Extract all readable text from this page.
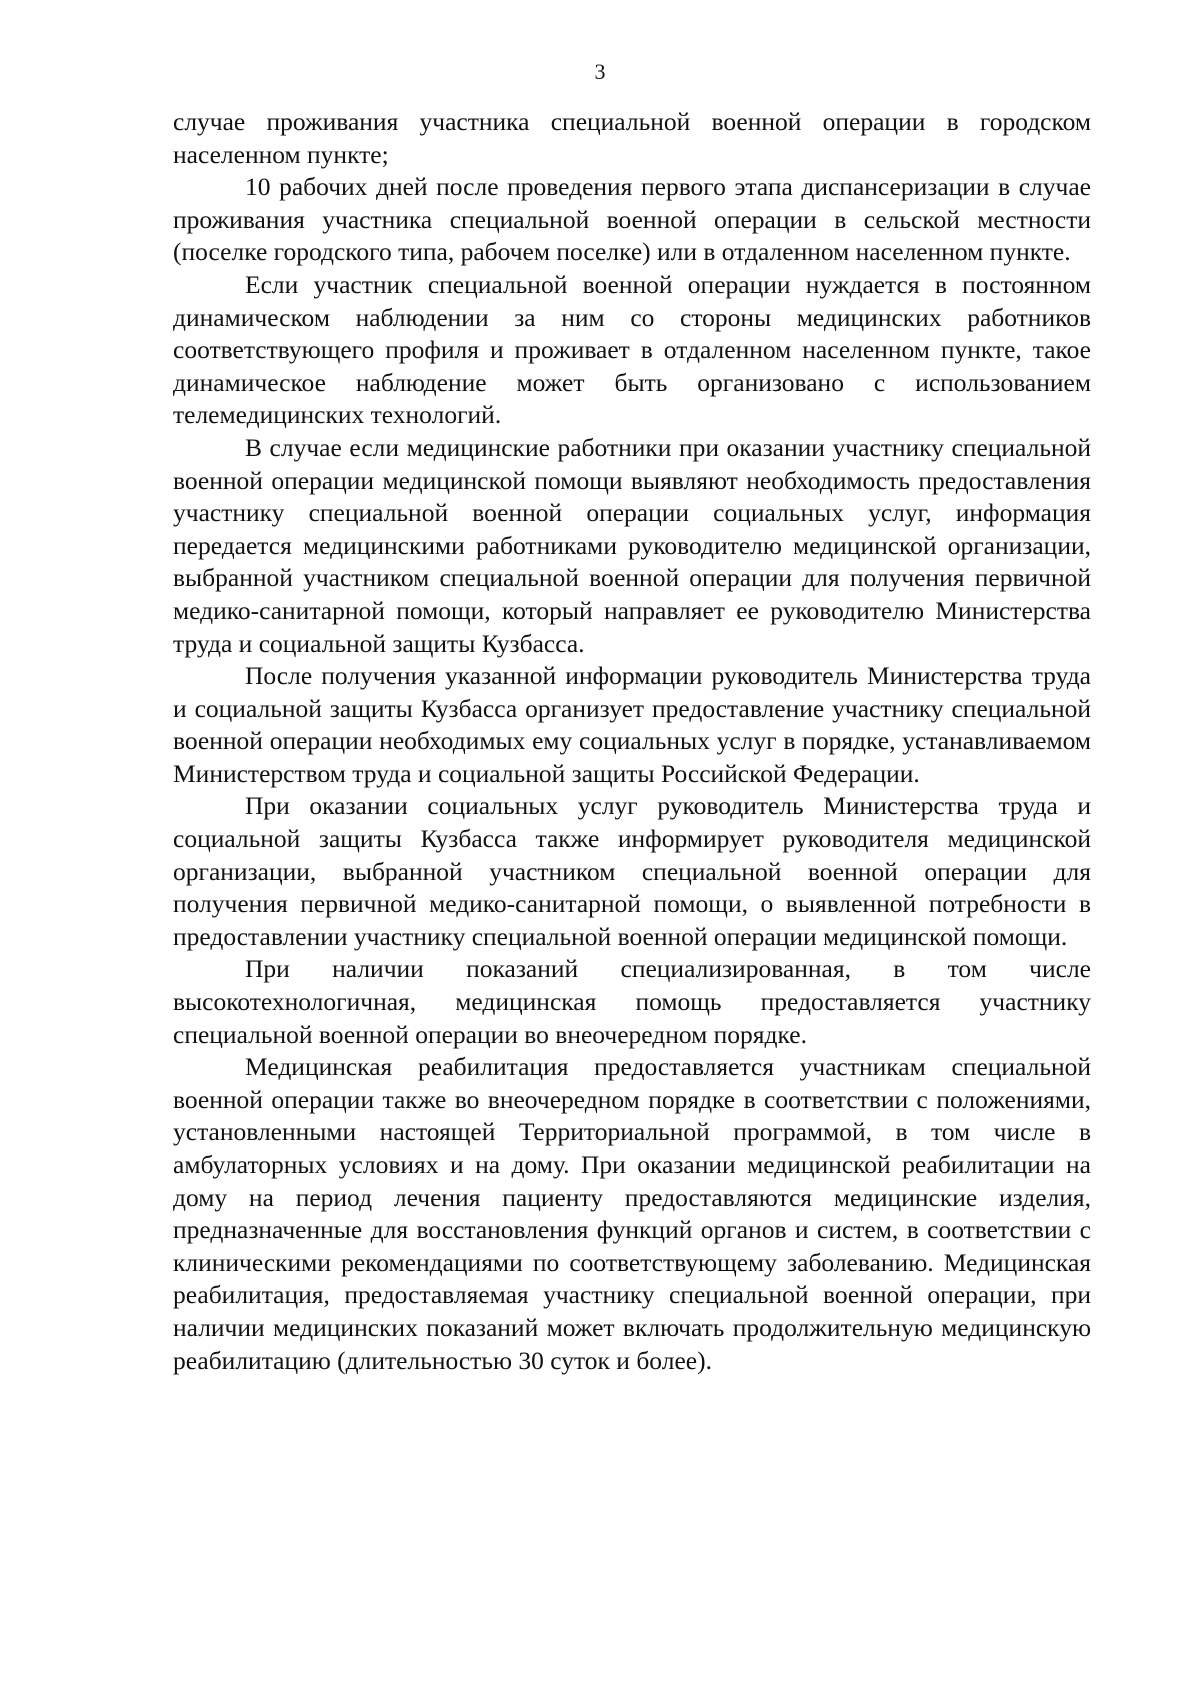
3

случае проживания участника специальной военной операции в городском населенном пункте;

10 рабочих дней после проведения первого этапа диспансеризации в случае проживания участника специальной военной операции в сельской местности (поселке городского типа, рабочем поселке) или в отдаленном населенном пункте.

Если участник специальной военной операции нуждается в постоянном динамическом наблюдении за ним со стороны медицинских работников соответствующего профиля и проживает в отдаленном населенном пункте, такое динамическое наблюдение может быть организовано с использованием телемедицинских технологий.

В случае если медицинские работники при оказании участнику специальной военной операции медицинской помощи выявляют необходимость предоставления участнику специальной военной операции социальных услуг, информация передается медицинскими работниками руководителю медицинской организации, выбранной участником специальной военной операции для получения первичной медико-санитарной помощи, который направляет ее руководителю Министерства труда и социальной защиты Кузбасса.

После получения указанной информации руководитель Министерства труда и социальной защиты Кузбасса организует предоставление участнику специальной военной операции необходимых ему социальных услуг в порядке, устанавливаемом Министерством труда и социальной защиты Российской Федерации.

При оказании социальных услуг руководитель Министерства труда и социальной защиты Кузбасса также информирует руководителя медицинской организации, выбранной участником специальной военной операции для получения первичной медико-санитарной помощи, о выявленной потребности в предоставлении участнику специальной военной операции медицинской помощи.

При наличии показаний специализированная, в том числе высокотехнологичная, медицинская помощь предоставляется участнику специальной военной операции во внеочередном порядке.

Медицинская реабилитация предоставляется участникам специальной военной операции также во внеочередном порядке в соответствии с положениями, установленными настоящей Территориальной программой, в том числе в амбулаторных условиях и на дому. При оказании медицинской реабилитации на дому на период лечения пациенту предоставляются медицинские изделия, предназначенные для восстановления функций органов и систем, в соответствии с клиническими рекомендациями по соответствующему заболеванию. Медицинская реабилитация, предоставляемая участнику специальной военной операции, при наличии медицинских показаний может включать продолжительную медицинскую реабилитацию (длительностью 30 суток и более).
